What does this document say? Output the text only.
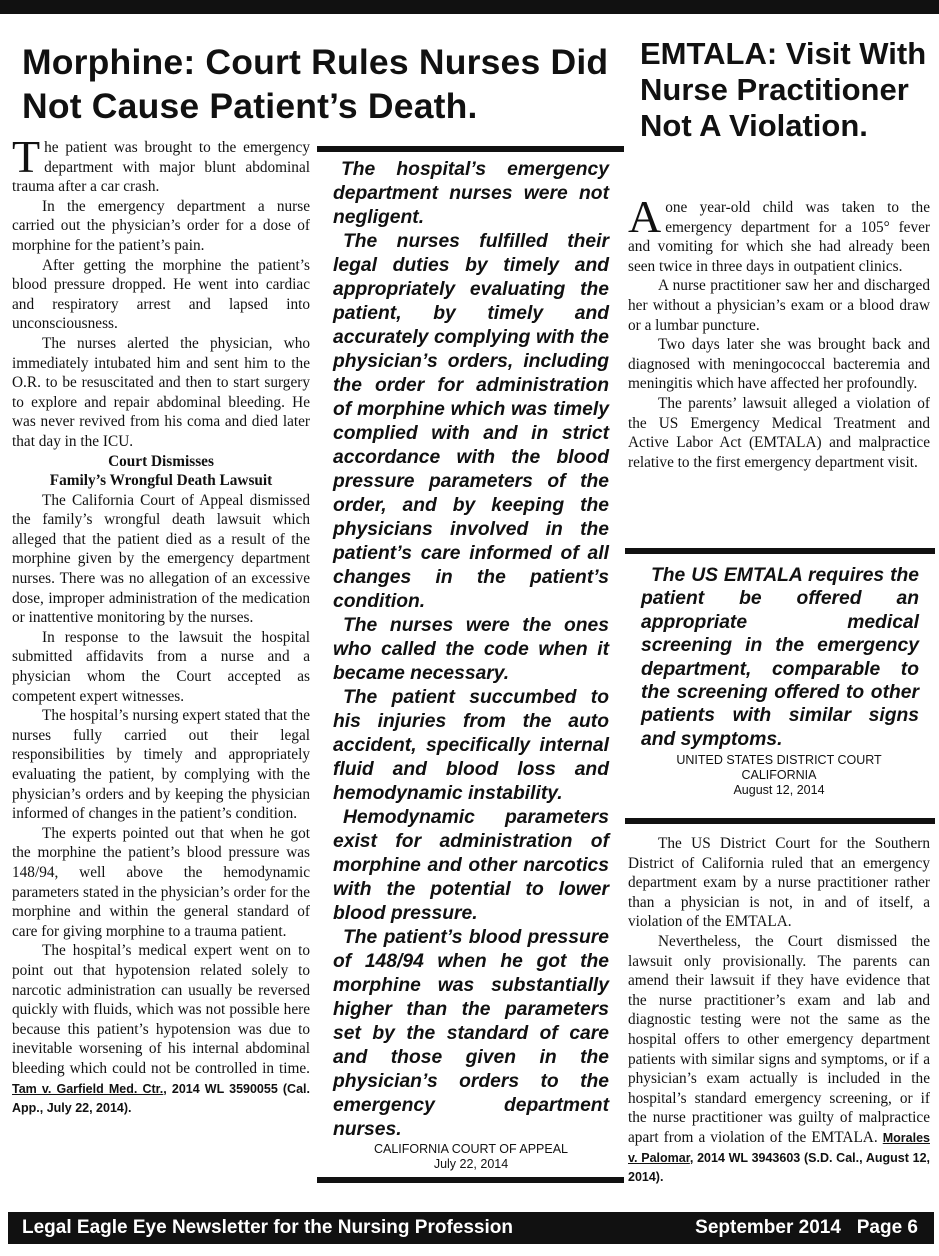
Morphine: Court Rules Nurses Did Not Cause Patient’s Death.
EMTALA: Visit With Nurse Practitioner Not A Violation.

The patient was brought to the emergency department with major blunt abdominal trauma after a car crash.

In the emergency department a nurse carried out the physician’s order for a dose of morphine for the patient’s pain.

After getting the morphine the patient’s blood pressure dropped. He went into cardiac and respiratory arrest and lapsed into unconsciousness.

The nurses alerted the physician, who immediately intubated him and sent him to the O.R. to be resuscitated and then to start surgery to explore and repair abdominal bleeding. He was never revived from his coma and died later that day in the ICU.

Court Dismisses

Family’s Wrongful Death Lawsuit

The California Court of Appeal dismissed the family’s wrongful death lawsuit which alleged that the patient died as a result of the morphine given by the emergency department nurses. There was no allegation of an excessive dose, improper administration of the medication or inattentive monitoring by the nurses.

In response to the lawsuit the hospital submitted affidavits from a nurse and a physician whom the Court accepted as competent expert witnesses.

The hospital’s nursing expert stated that the nurses fully carried out their legal responsibilities by timely and appropriately evaluating the patient, by complying with the physician’s orders and by keeping the physician informed of changes in the patient’s condition.

The experts pointed out that when he got the morphine the patient’s blood pressure was 148/94, well above the hemodynamic parameters stated in the physician’s order for the morphine and within the general standard of care for giving morphine to a trauma patient.

The hospital’s medical expert went on to point out that hypotension related solely to narcotic administration can usually be reversed quickly with fluids, which was not possible here because this patient’s hypotension was due to inevitable worsening of his internal abdominal bleeding which could not be controlled in time. Tam v. Garfield Med. Ctr., 2014 WL 3590055 (Cal. App., July 22, 2014).

The hospital’s emergency department nurses were not negligent.

The nurses fulfilled their legal duties by timely and appropriately evaluating the patient, by timely and accurately complying with the physician’s orders, including the order for administration of morphine which was timely complied with and in strict accordance with the blood pressure parameters of the order, and by keeping the physicians involved in the patient’s care informed of all changes in the patient’s condition.

The nurses were the ones who called the code when it became necessary.

The patient succumbed to his injuries from the auto accident, specifically internal fluid and blood loss and hemodynamic instability.

Hemodynamic parameters exist for administration of morphine and other narcotics with the potential to lower blood pressure.

The patient’s blood pressure of 148/94 when he got the morphine was substantially higher than the parameters set by the standard of care and those given in the physician’s orders to the emergency department nurses.

CALIFORNIA COURT OF APPEAL

July 22, 2014

A one year-old child was taken to the emergency department for a 105° fever and vomiting for which she had already been seen twice in three days in outpatient clinics.

A nurse practitioner saw her and discharged her without a physician’s exam or a blood draw or a lumbar puncture.

Two days later she was brought back and diagnosed with meningococcal bacteremia and meningitis which have affected her profoundly.

The parents’ lawsuit alleged a violation of the US Emergency Medical Treatment and Active Labor Act (EMTALA) and malpractice relative to the first emergency department visit.

The US EMTALA requires the patient be offered an appropriate medical screening in the emergency department, comparable to the screening offered to other patients with similar signs and symptoms.

UNITED STATES DISTRICT COURT
CALIFORNIA
August 12, 2014

The US District Court for the Southern District of California ruled that an emergency department exam by a nurse practitioner rather than a physician is not, in and of itself, a violation of the EMTALA.

Nevertheless, the Court dismissed the lawsuit only provisionally. The parents can amend their lawsuit if they have evidence that the nurse practitioner’s exam and lab and diagnostic testing were not the same as the hospital offers to other emergency department patients with similar signs and symptoms, or if a physician’s exam actually is included in the hospital’s standard emergency screening, or if the nurse practitioner was guilty of malpractice apart from a violation of the EMTALA. Morales v. Palomar, 2014 WL 3943603 (S.D. Cal., August 12, 2014).

Legal Eagle Eye Newsletter for the Nursing Profession	September 2014   Page 6
